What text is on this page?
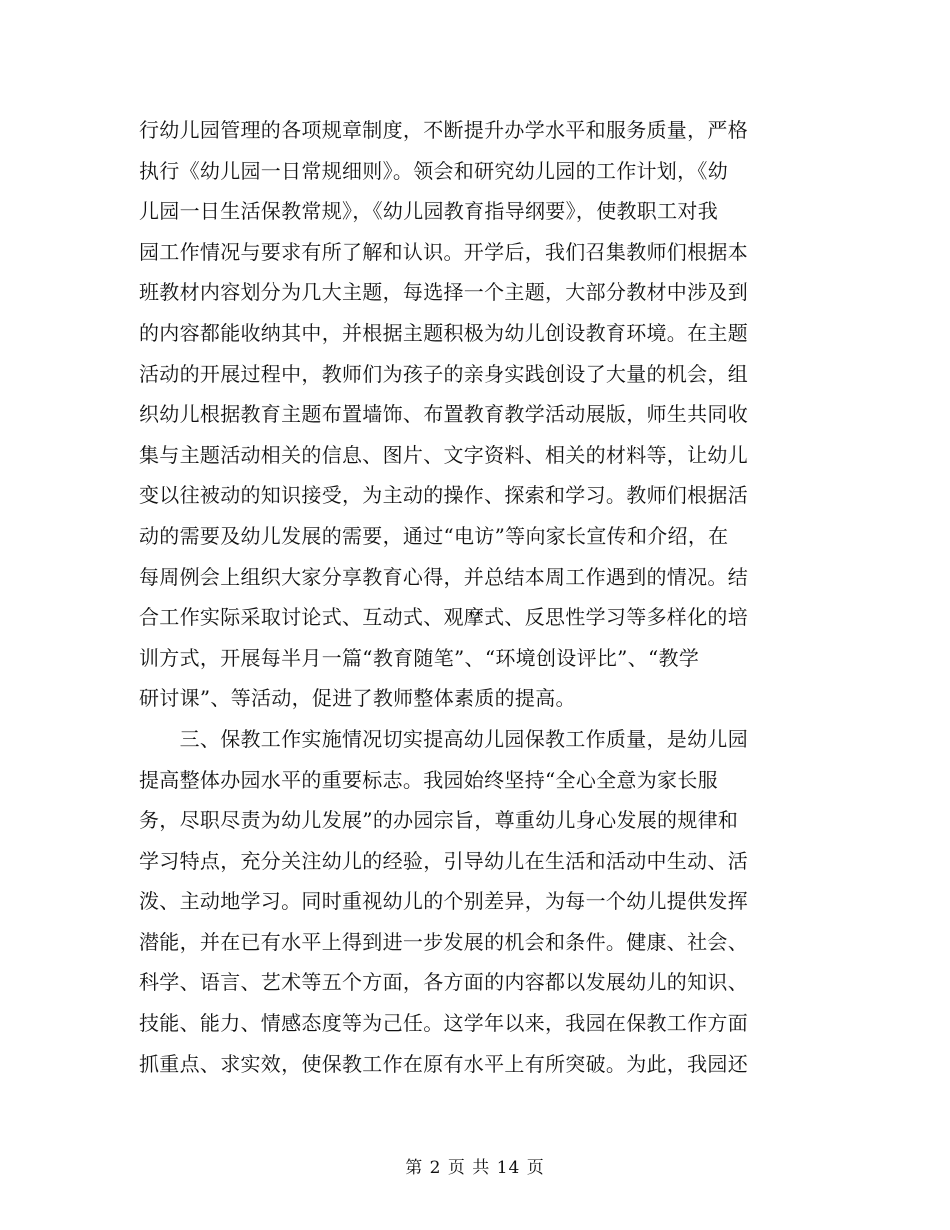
行幼儿园管理的各项规章制度，不断提升办学水平和服务质量，严格
执行《幼儿园一日常规细则》。领会和研究幼儿园的工作计划，《幼
儿园一日生活保教常规》，《幼儿园教育指导纲要》，使教职工对我
园工作情况与要求有所了解和认识。开学后，我们召集教师们根据本
班教材内容划分为几大主题，每选择一个主题，大部分教材中涉及到
的内容都能收纳其中，并根据主题积极为幼儿创设教育环境。在主题
活动的开展过程中，教师们为孩子的亲身实践创设了大量的机会，组
织幼儿根据教育主题布置墙饰、布置教育教学活动展版，师生共同收
集与主题活动相关的信息、图片、文字资料、相关的材料等，让幼儿
变以往被动的知识接受，为主动的操作、探索和学习。教师们根据活
动的需要及幼儿发展的需要，通过“电访”等向家长宣传和介绍，在
每周例会上组织大家分享教育心得，并总结本周工作遇到的情况。结
合工作实际采取讨论式、互动式、观摩式、反思性学习等多样化的培
训方式，开展每半月一篇“教育随笔”、“环境创设评比”、“教学
研讨课”、等活动，促进了教师整体素质的提高。
　　三、保教工作实施情况切实提高幼儿园保教工作质量，是幼儿园
提高整体办园水平的重要标志。我园始终坚持“全心全意为家长服
务，尽职尽责为幼儿发展”的办园宗旨，尊重幼儿身心发展的规律和
学习特点，充分关注幼儿的经验，引导幼儿在生活和活动中生动、活
泼、主动地学习。同时重视幼儿的个别差异，为每一个幼儿提供发挥
潜能，并在已有水平上得到进一步发展的机会和条件。健康、社会、
科学、语言、艺术等五个方面，各方面的内容都以发展幼儿的知识、
技能、能力、情感态度等为己任。这学年以来，我园在保教工作方面
抓重点、求实效，使保教工作在原有水平上有所突破。为此，我园还
第 2 页 共 14 页
